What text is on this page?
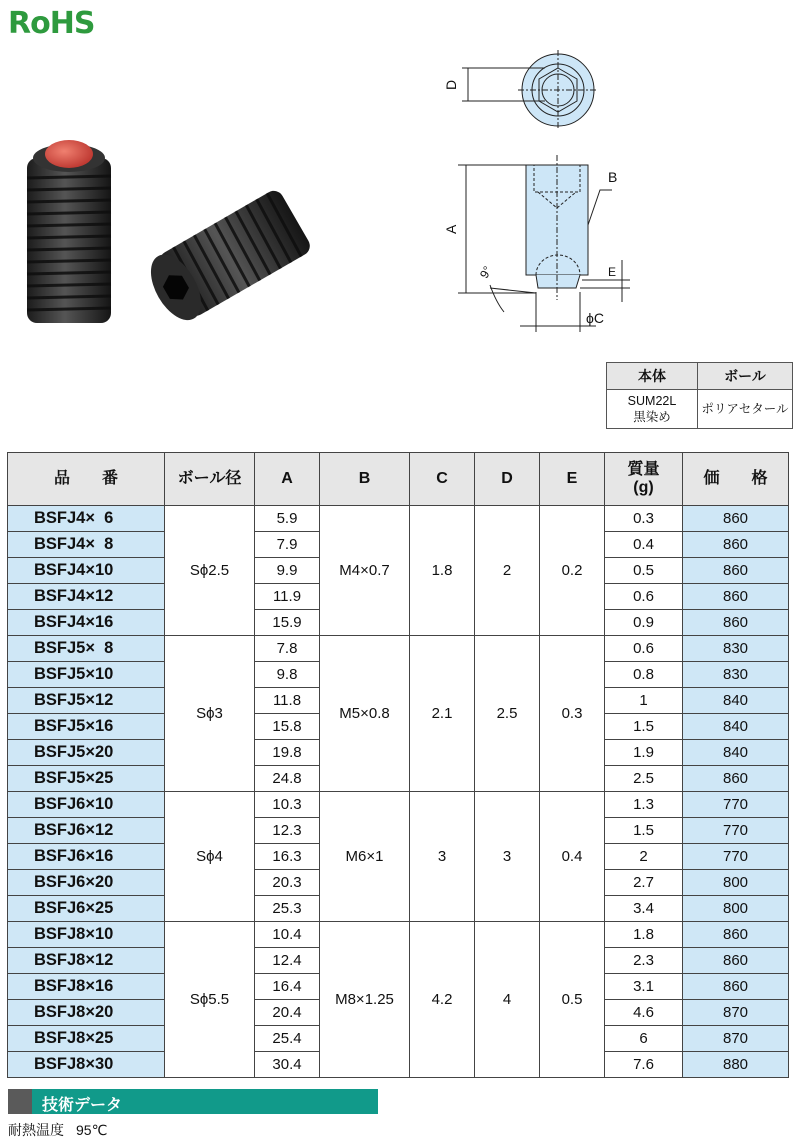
RoHS
D
A
B
E
ϕC
9°
本体	ボール
SUM22L
黒染め	ポリアセタール
品　　番	ボール径	A	B	C	D	E	質量
(g)	価　　格
BSFJ4×  6	Sϕ2.5	5.9	M4×0.7	1.8	2	0.2	0.3	860
BSFJ4×  8		7.9					0.4	860
BSFJ4×10		9.9					0.5	860
BSFJ4×12		11.9					0.6	860
BSFJ4×16		15.9					0.9	860
BSFJ5×  8	Sϕ3	7.8	M5×0.8	2.1	2.5	0.3	0.6	830
BSFJ5×10		9.8					0.8	830
BSFJ5×12		11.8					1	840
BSFJ5×16		15.8					1.5	840
BSFJ5×20		19.8					1.9	840
BSFJ5×25		24.8					2.5	860
BSFJ6×10	Sϕ4	10.3	M6×1	3	3	0.4	1.3	770
BSFJ6×12		12.3					1.5	770
BSFJ6×16		16.3					2	770
BSFJ6×20		20.3					2.7	800
BSFJ6×25		25.3					3.4	800
BSFJ8×10	Sϕ5.5	10.4	M8×1.25	4.2	4	0.5	1.8	860
BSFJ8×12		12.4					2.3	860
BSFJ8×16		16.4					3.1	860
BSFJ8×20		20.4					4.6	870
BSFJ8×25		25.4					6	870
BSFJ8×30		30.4					7.6	880
技術データ
耐熱温度 95℃
